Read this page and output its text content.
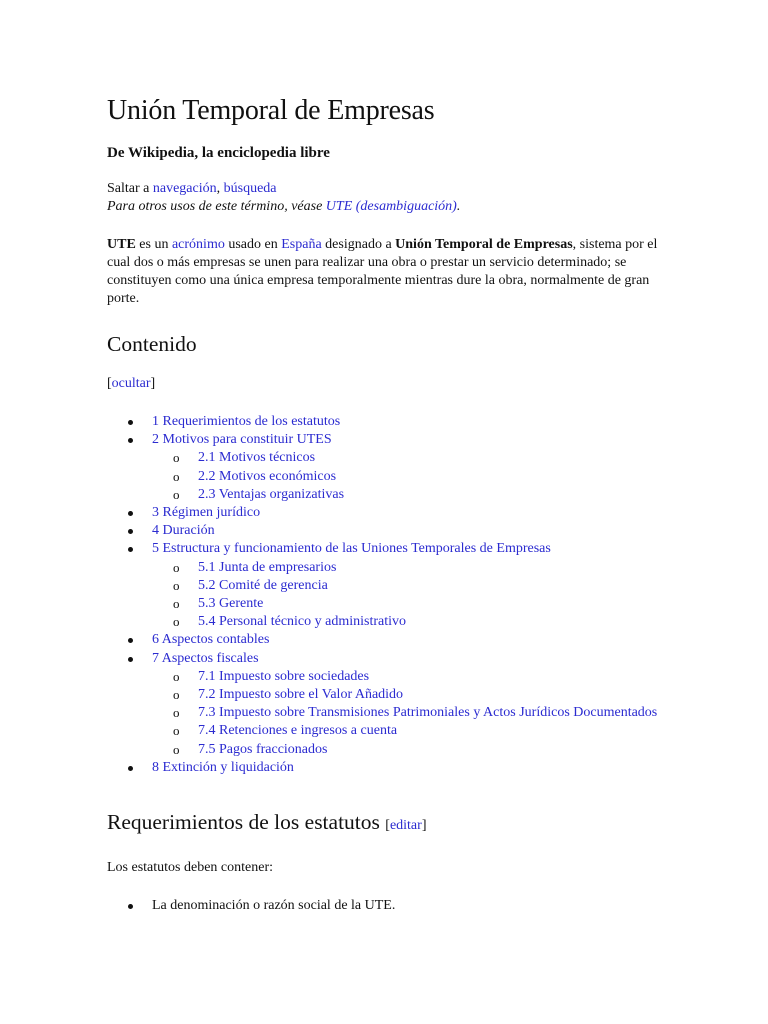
Unión Temporal de Empresas
De Wikipedia, la enciclopedia libre

Saltar a navegación, búsqueda

Para otros usos de este término, véase UTE (desambiguación).

UTE es un acrónimo usado en España designado a Unión Temporal de Empresas, sistema por el cual dos o más empresas se unen para realizar una obra o prestar un servicio determinado; se constituyen como una única empresa temporalmente mientras dure la obra, normalmente de gran porte.

Contenido

[ocultar]

1 Requerimientos de los estatutos
2 Motivos para constituir UTES
o 2.1 Motivos técnicos
o 2.2 Motivos económicos
o 2.3 Ventajas organizativas
3 Régimen jurídico
4 Duración
5 Estructura y funcionamiento de las Uniones Temporales de Empresas
o 5.1 Junta de empresarios
o 5.2 Comité de gerencia
o 5.3 Gerente
o 5.4 Personal técnico y administrativo
6 Aspectos contables
7 Aspectos fiscales
o 7.1 Impuesto sobre sociedades
o 7.2 Impuesto sobre el Valor Añadido
o 7.3 Impuesto sobre Transmisiones Patrimoniales y Actos Jurídicos Documentados
o 7.4 Retenciones e ingresos a cuenta
o 7.5 Pagos fraccionados
8 Extinción y liquidación
Requerimientos de los estatutos [editar]

Los estatutos deben contener:

La denominación o razón social de la UTE.
